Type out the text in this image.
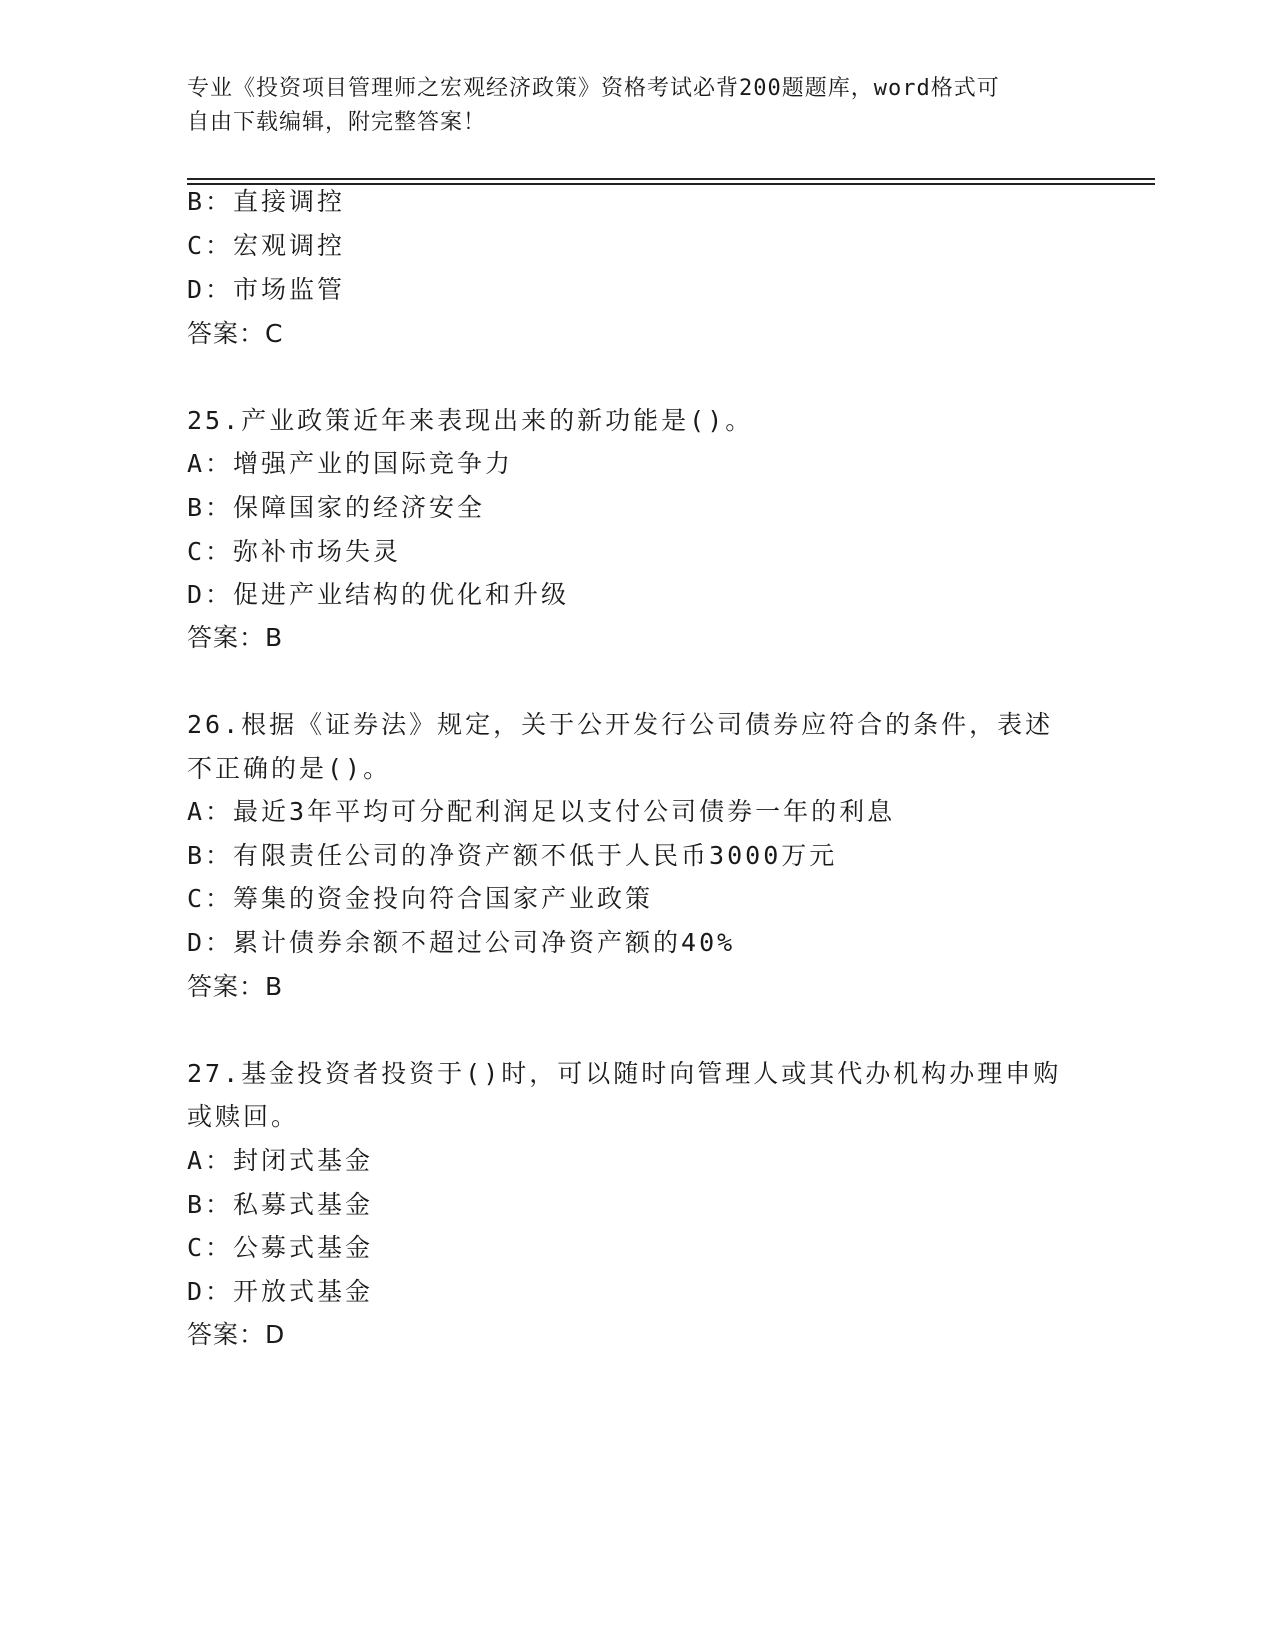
专业《投资项目管理师之宏观经济政策》资格考试必背200题题库，word格式可
自由下载编辑，附完整答案！
B：直接调控
C：宏观调控
D：市场监管
答案：C
25.产业政策近年来表现出来的新功能是()。
A：增强产业的国际竞争力
B：保障国家的经济安全
C：弥补市场失灵
D：促进产业结构的优化和升级
答案：B
26.根据《证券法》规定，关于公开发行公司债券应符合的条件，表述
不正确的是()。
A：最近3年平均可分配利润足以支付公司债券一年的利息
B：有限责任公司的净资产额不低于人民币3000万元
C：筹集的资金投向符合国家产业政策
D：累计债券余额不超过公司净资产额的40%
答案：B
27.基金投资者投资于()时，可以随时向管理人或其代办机构办理申购
或赎回。
A：封闭式基金
B：私募式基金
C：公募式基金
D：开放式基金
答案：D
